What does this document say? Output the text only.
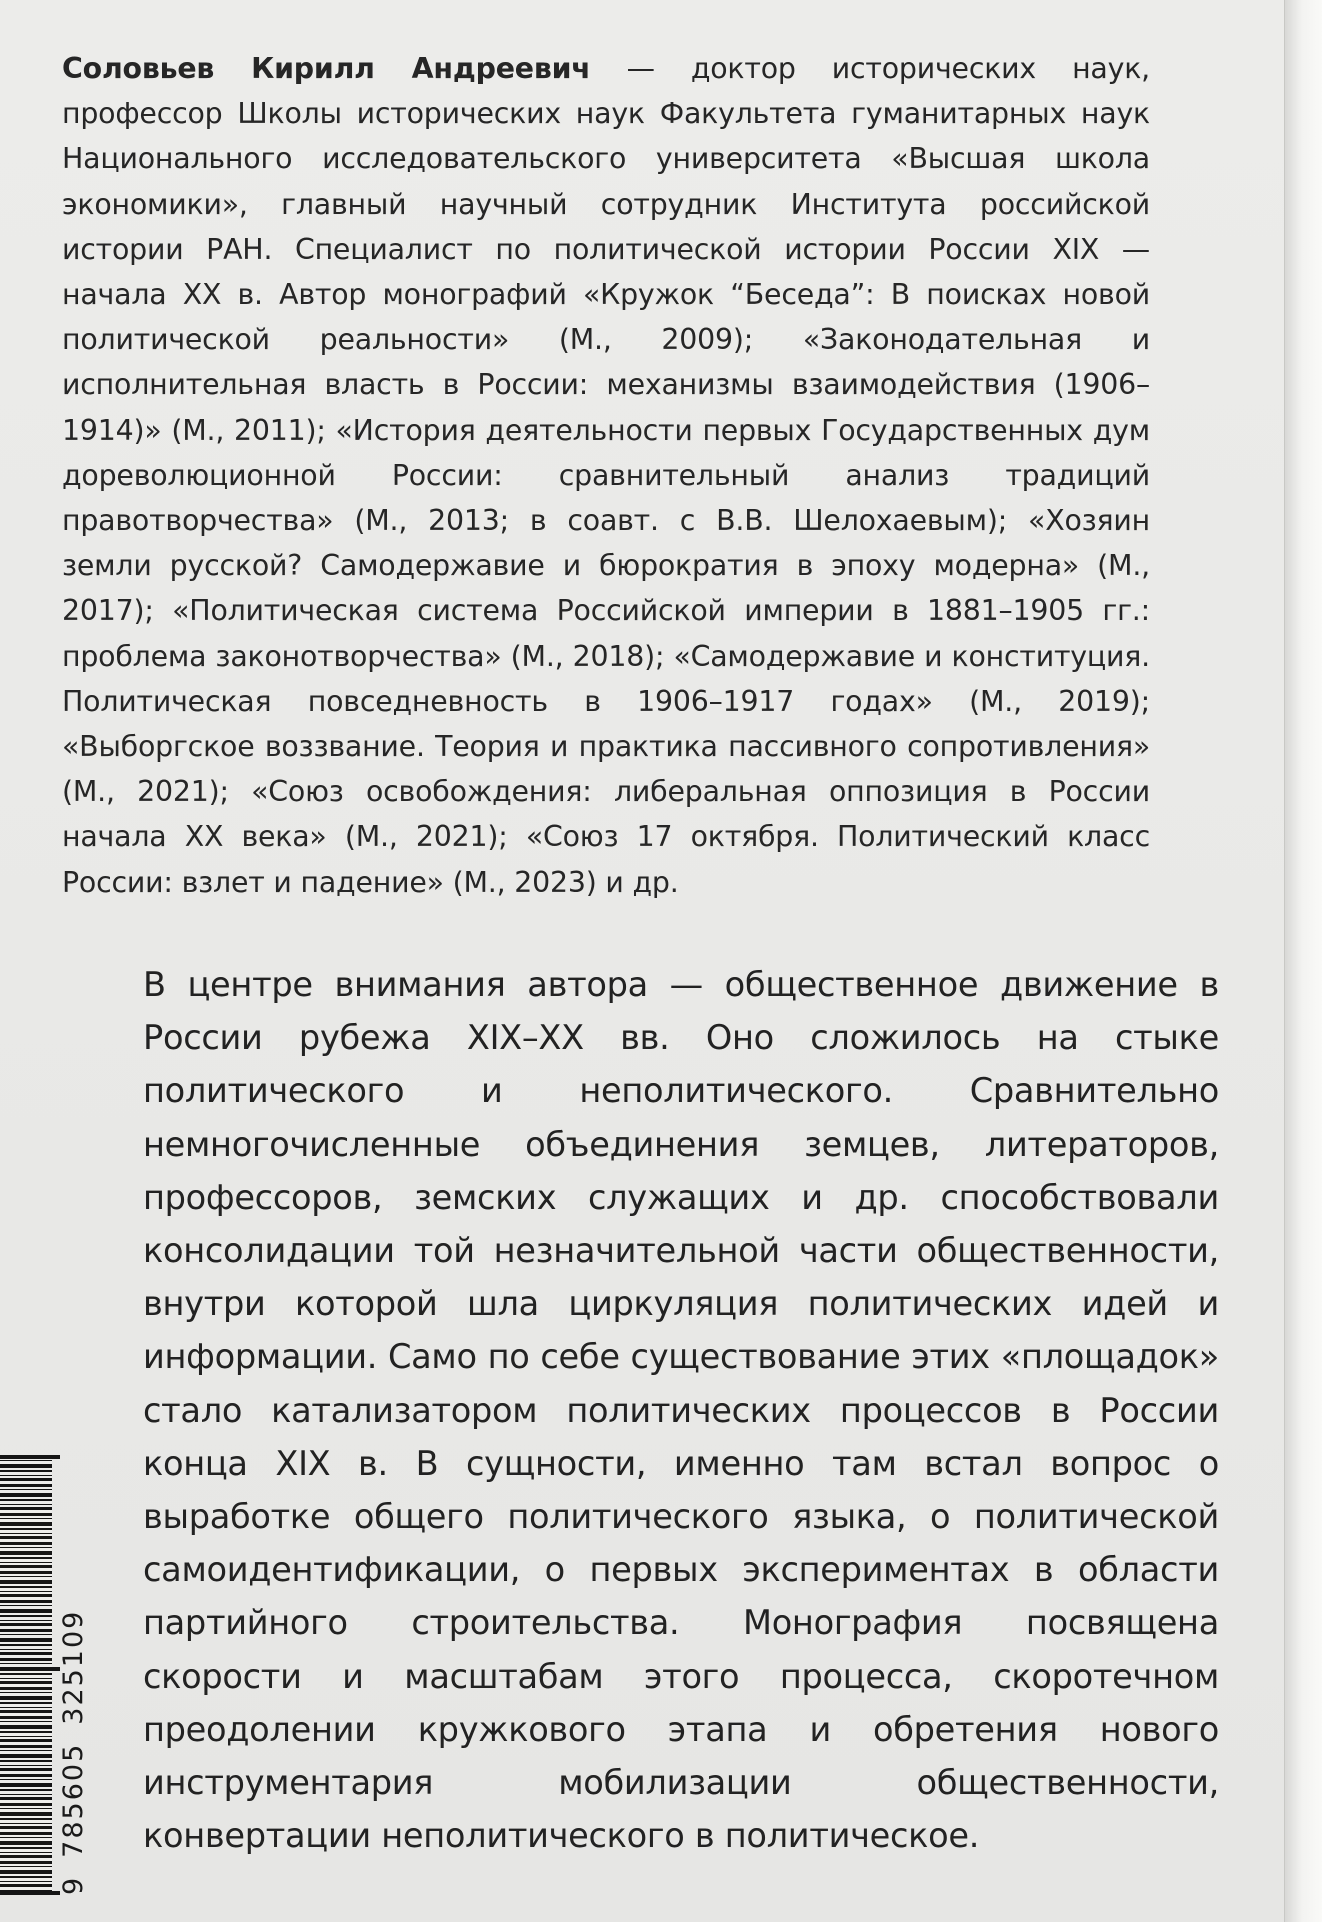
Соловьев Кирилл Андреевич — доктор исторических наук, профессор Школы исторических наук Факультета гуманитарных наук Национального исследовательского университета «Высшая школа экономики», главный научный сотрудник Института российской истории РАН. Специалист по политической истории России XIX — начала XX в. Автор монографий «Кружок “Беседа”: В поисках новой политической реальности» (М., 2009); «Законодательная и исполнительная власть в России: механизмы взаимодействия (1906–1914)» (М., 2011); «История деятельности первых Государственных дум дореволюционной России: сравнительный анализ традиций правотворчества» (М., 2013; в соавт. с В.В. Шелохаевым); «Хозяин земли русской? Самодержавие и бюрократия в эпоху модерна» (М., 2017); «Политическая система Российской империи в 1881–1905 гг.: проблема законотворчества» (М., 2018); «Самодержавие и конституция. Политическая повседневность в 1906–1917 годах» (М., 2019); «Выборгское воззвание. Теория и практика пассивного сопротивления» (М., 2021); «Союз освобождения: либеральная оппозиция в России начала XX века» (М., 2021); «Союз 17 октября. Политический класс России: взлет и падение» (М., 2023) и др.

В центре внимания автора — общественное движение в России рубежа XIX–XX вв. Оно сложилось на стыке политического и неполитического. Сравнительно немногочисленные объединения земцев, литераторов, профессоров, земских служащих и др. способствовали консолидации той незначительной части общественности, внутри которой шла циркуляция политических идей и информации. Само по себе существование этих «площадок» стало катализатором политических процессов в России конца XIX в. В сущности, именно там встал вопрос о выработке общего политического языка, о политической самоидентификации, о первых экспериментах в области партийного строительства. Монография посвящена скорости и масштабам этого процесса, скоротечном преодолении кружкового этапа и обретения нового инструментария мобилизации общественности, конвертации неполитического в политическое.

9
785605
325109
